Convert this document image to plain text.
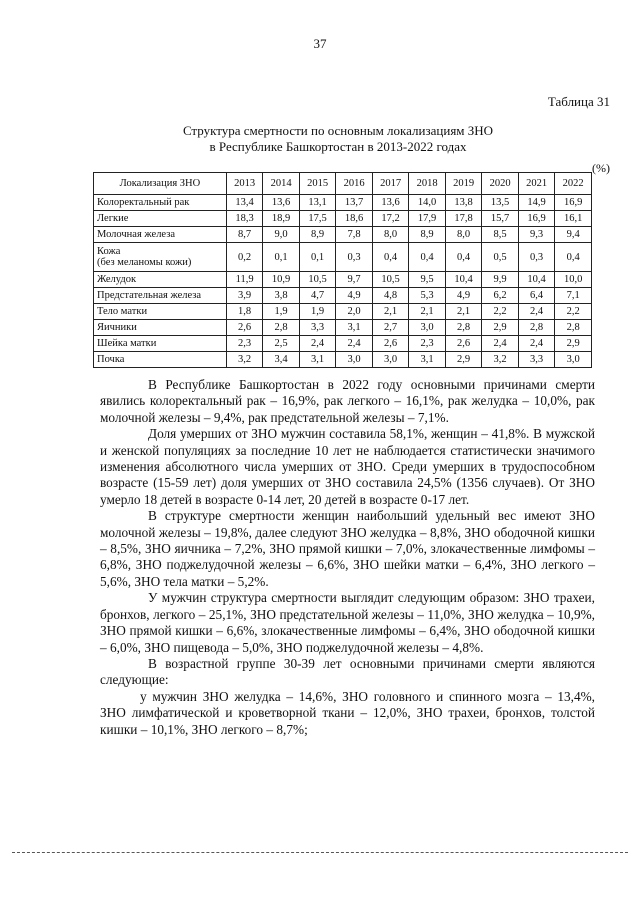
37
Таблица 31
Структура смертности по основным локализациям ЗНО
в Республике Башкортостан в 2013-2022 годах
(%)
Локализация ЗНО	2013	2014	2015	2016	2017	2018	2019	2020	2021	2022
Колоректальный рак	13,4	13,6	13,1	13,7	13,6	14,0	13,8	13,5	14,9	16,9
Легкие	18,3	18,9	17,5	18,6	17,2	17,9	17,8	15,7	16,9	16,1
Молочная железа	8,7	9,0	8,9	7,8	8,0	8,9	8,0	8,5	9,3	9,4
Кожа
(без меланомы кожи)	0,2	0,1	0,1	0,3	0,4	0,4	0,4	0,5	0,3	0,4
Желудок	11,9	10,9	10,5	9,7	10,5	9,5	10,4	9,9	10,4	10,0
Предстательная железа	3,9	3,8	4,7	4,9	4,8	5,3	4,9	6,2	6,4	7,1
Тело матки	1,8	1,9	1,9	2,0	2,1	2,1	2,1	2,2	2,4	2,2
Яичники	2,6	2,8	3,3	3,1	2,7	3,0	2,8	2,9	2,8	2,8
Шейка матки	2,3	2,5	2,4	2,4	2,6	2,3	2,6	2,4	2,4	2,9
Почка	3,2	3,4	3,1	3,0	3,0	3,1	2,9	3,2	3,3	3,0

В Республике Башкортостан в 2022 году основными причинами смерти явились колоректальный рак – 16,9%, рак легкого – 16,1%, рак желудка – 10,0%, рак молочной железы – 9,4%, рак предстательной железы – 7,1%.

Доля умерших от ЗНО мужчин составила 58,1%, женщин – 41,8%. В мужской и женской популяциях за последние 10 лет не наблюдается статистически значимого изменения абсолютного числа умерших от ЗНО. Среди умерших в трудоспособном возрасте (15-59 лет) доля умерших от ЗНО составила 24,5% (1356 случаев). От ЗНО умерло 18 детей в возрасте 0-14 лет, 20 детей в возрасте 0-17 лет.

В структуре смертности женщин наибольший удельный вес имеют ЗНО молочной железы – 19,8%, далее следуют ЗНО желудка – 8,8%, ЗНО ободочной кишки – 8,5%, ЗНО яичника – 7,2%, ЗНО прямой кишки – 7,0%, злокачественные лимфомы – 6,8%, ЗНО поджелудочной железы – 6,6%, ЗНО шейки матки – 6,4%, ЗНО легкого – 5,6%, ЗНО тела матки – 5,2%.

У мужчин структура смертности выглядит следующим образом: ЗНО трахеи, бронхов, легкого – 25,1%, ЗНО предстательной железы – 11,0%, ЗНО желудка – 10,9%, ЗНО прямой кишки – 6,6%, злокачественные лимфомы – 6,4%, ЗНО ободочной кишки – 6,0%, ЗНО пищевода – 5,0%, ЗНО поджелудочной железы – 4,8%.

В возрастной группе 30-39 лет основными причинами смерти являются следующие:

у мужчин ЗНО желудка – 14,6%, ЗНО головного и спинного мозга – 13,4%, ЗНО лимфатической и кроветворной ткани – 12,0%, ЗНО трахеи, бронхов, толстой кишки – 10,1%, ЗНО легкого – 8,7%;
